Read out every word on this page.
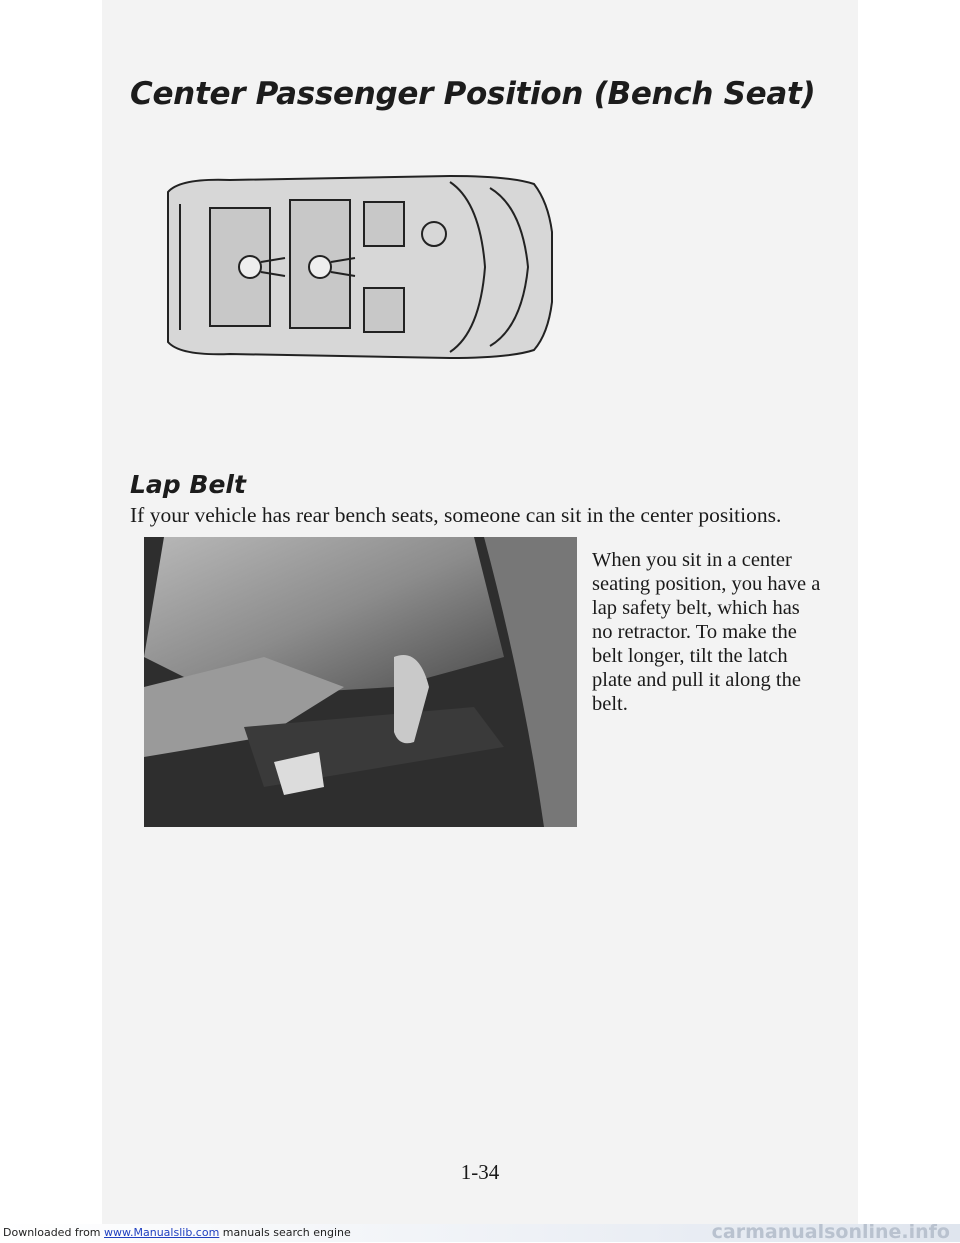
Center Passenger Position (Bench Seat)
Lap Belt

If your vehicle has rear bench seats, someone can sit in the center positions.

When you sit in a center seating position, you have a lap safety belt, which has no retractor. To make the belt longer, tilt the latch plate and pull it along the belt.

1-34

Downloaded from www.Manualslib.com manuals search engine	carmanualsonline.info
